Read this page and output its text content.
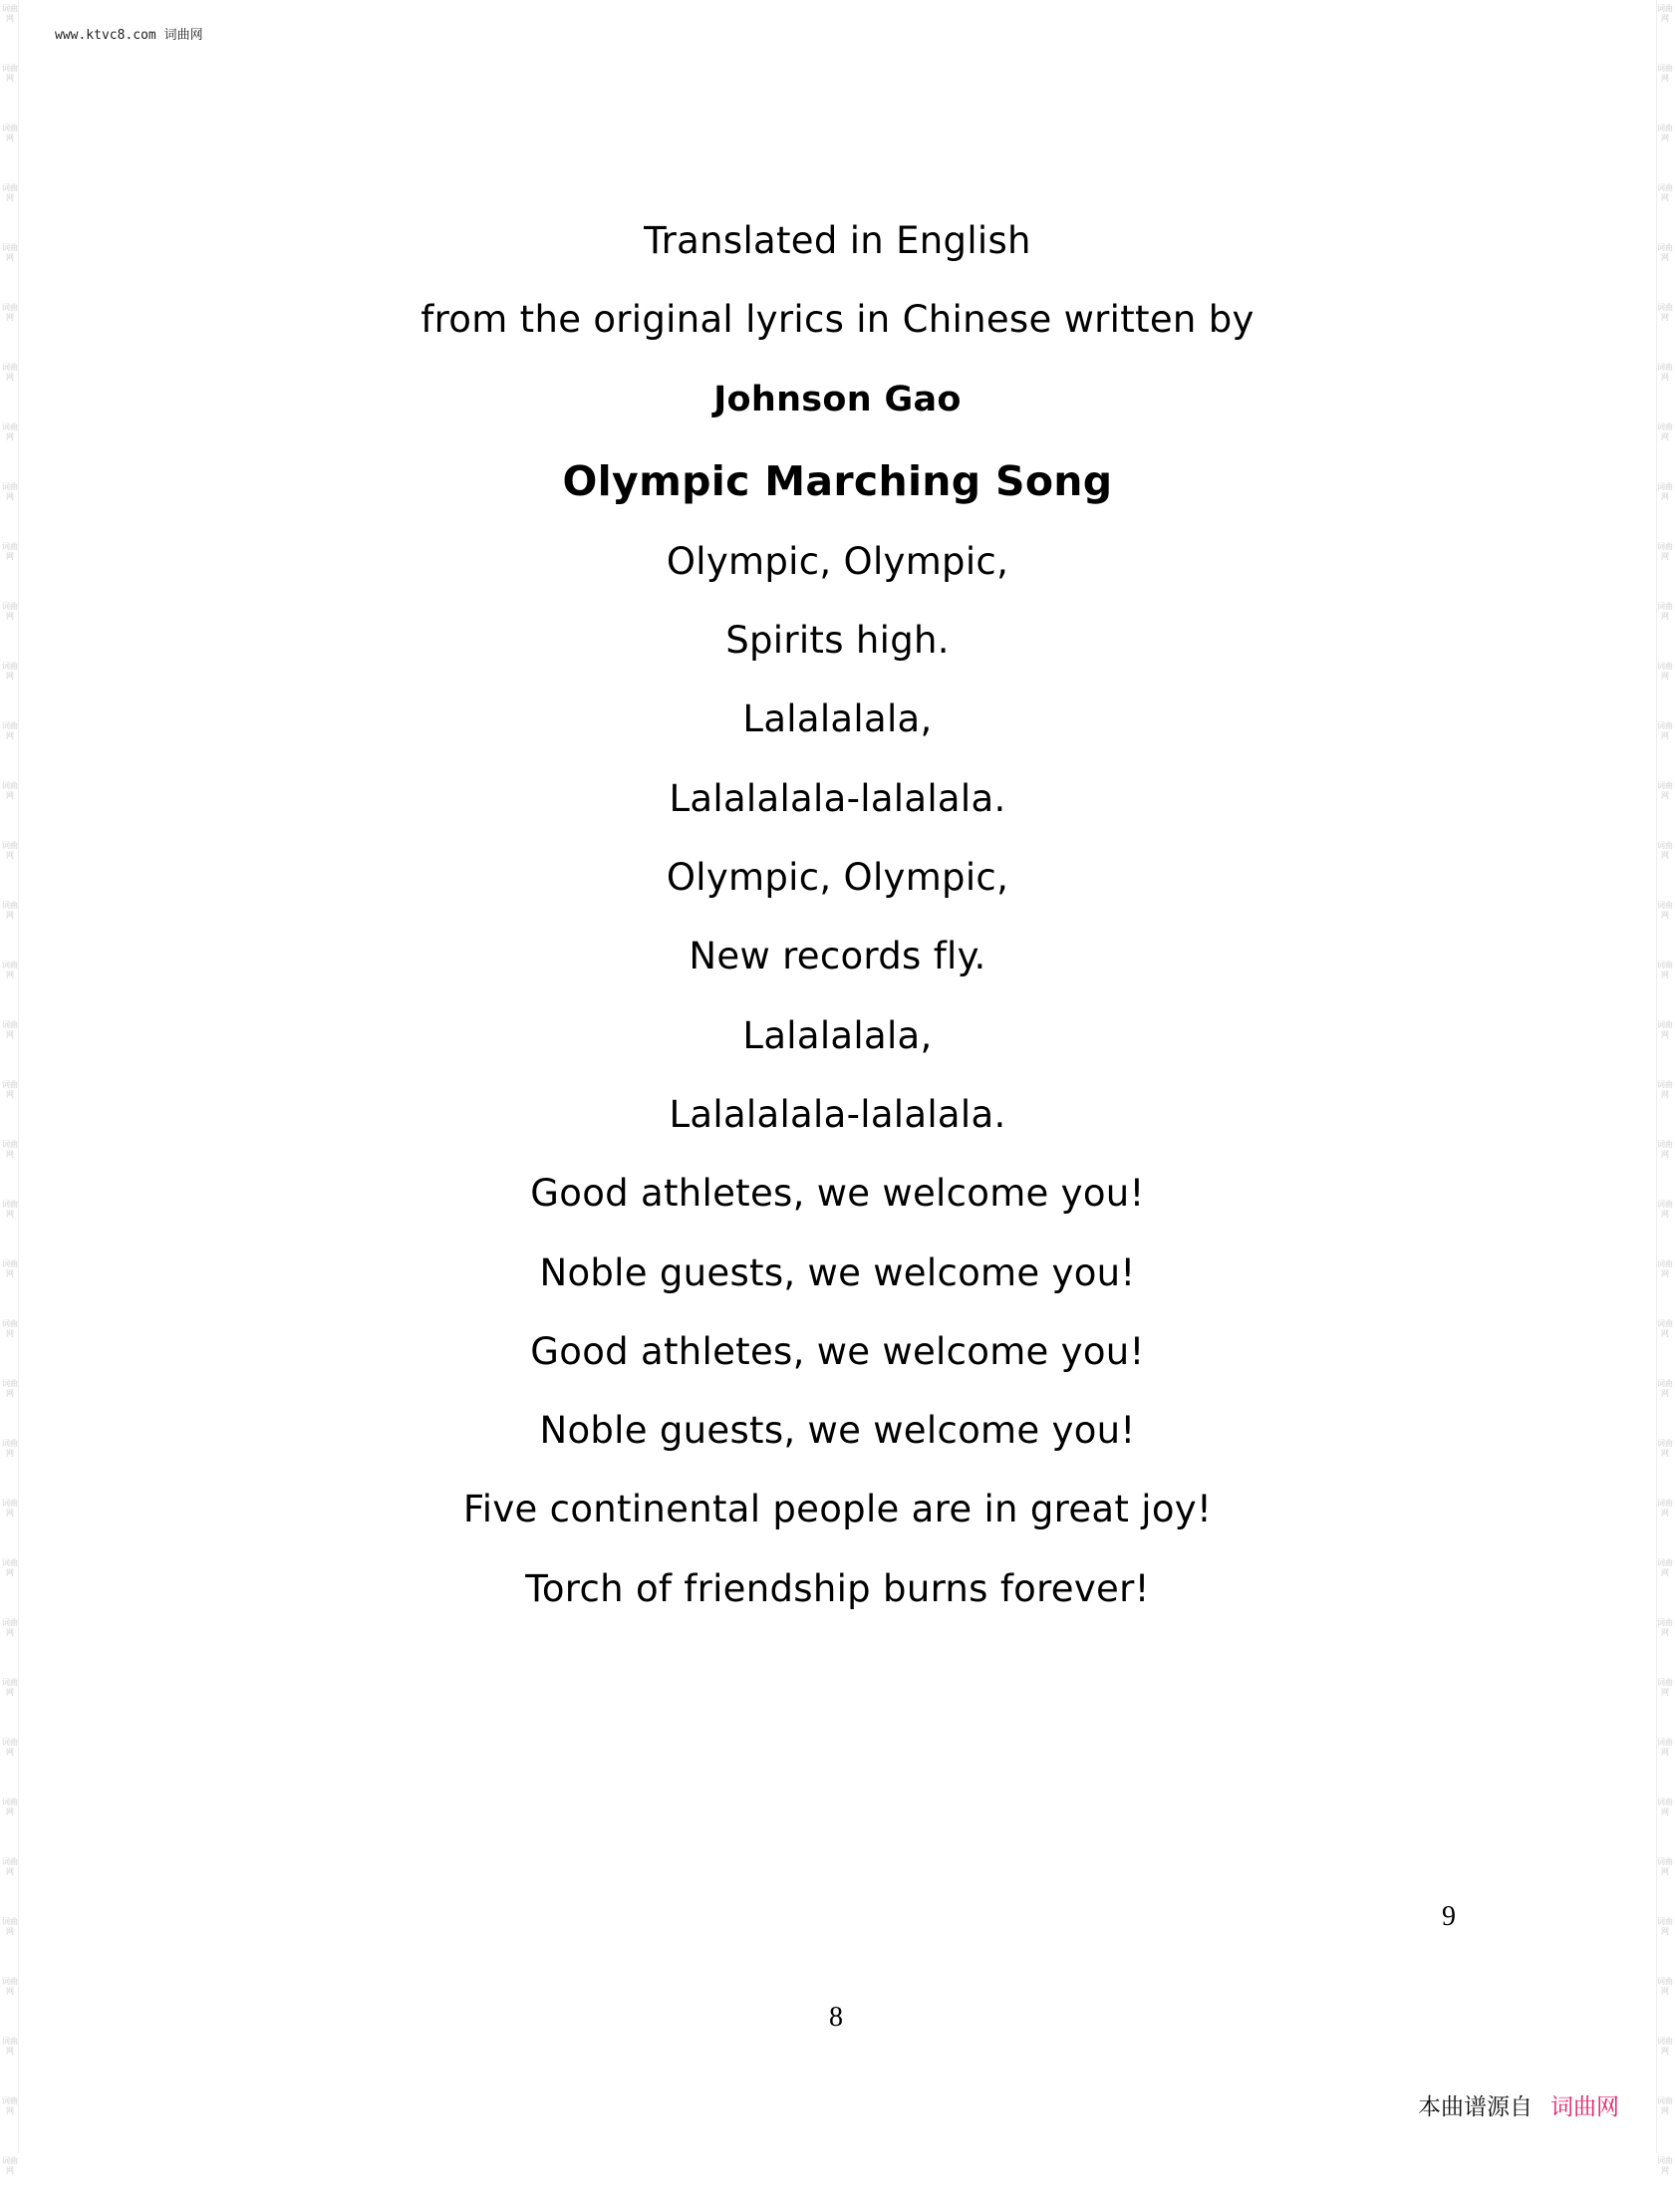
词曲网
词曲网
词曲网
词曲网
词曲网
词曲网
词曲网
词曲网
词曲网
词曲网
词曲网
词曲网
词曲网
词曲网
词曲网
词曲网
词曲网
词曲网
词曲网
词曲网
词曲网
词曲网
词曲网
词曲网
词曲网
词曲网
词曲网
词曲网
词曲网
词曲网
词曲网
词曲网
词曲网
词曲网
词曲网
词曲网
词曲网
词曲网
词曲网
词曲网
词曲网
词曲网
词曲网
词曲网
词曲网
词曲网
词曲网
词曲网
词曲网
词曲网
词曲网
词曲网
词曲网
词曲网
词曲网
词曲网
词曲网
词曲网
词曲网
词曲网
词曲网
词曲网
词曲网
词曲网
词曲网
词曲网
词曲网
词曲网
词曲网
词曲网
词曲网
词曲网
词曲网
词曲网
www.ktvc8.com 词曲网
Translated in English
from the original lyrics in Chinese written by
Johnson Gao
Olympic Marching Song
Olympic, Olympic,
Spirits high.
Lalalalala,
Lalalalala-lalalala.
Olympic, Olympic,
New records fly.
Lalalalala,
Lalalalala-lalalala.
Good athletes, we welcome you!
Noble guests, we welcome you!
Good athletes, we welcome you!
Noble guests, we welcome you!
Five continental people are in great joy!
Torch of friendship burns forever!
9
8
本曲谱源自 词曲网
